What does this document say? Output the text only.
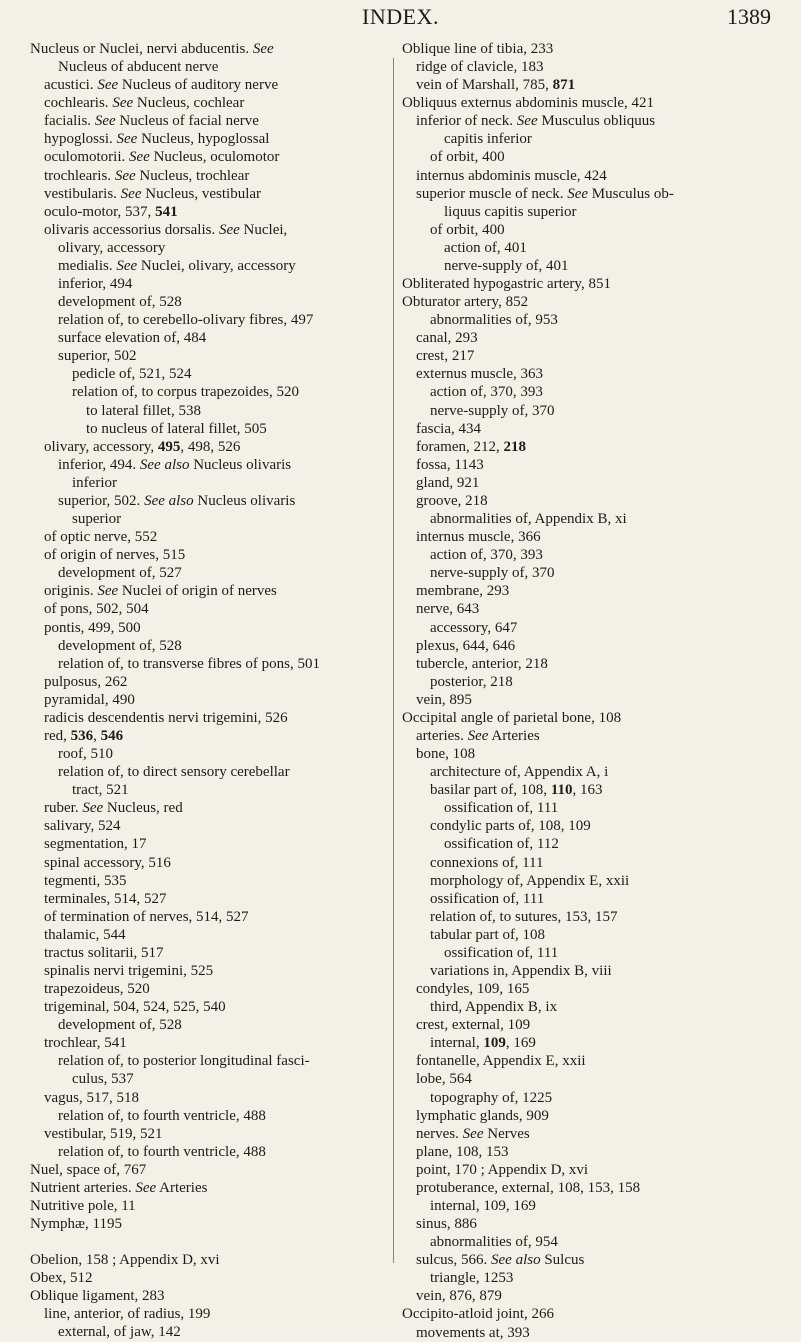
INDEX.	1389
Nucleus or Nuclei, nervi abducentis. See
Nucleus of abducent nerve
acustici. See Nucleus of auditory nerve
cochlearis. See Nucleus, cochlear
facialis. See Nucleus of facial nerve
hypoglossi. See Nucleus, hypoglossal
oculomotorii. See Nucleus, oculomotor
trochlearis. See Nucleus, trochlear
vestibularis. See Nucleus, vestibular
oculo-motor, 537, 541
olivaris accessorius dorsalis. See Nuclei,
olivary, accessory
medialis. See Nuclei, olivary, accessory
inferior, 494
development of, 528
relation of, to cerebello-olivary fibres, 497
surface elevation of, 484
superior, 502
pedicle of, 521, 524
relation of, to corpus trapezoides, 520
to lateral fillet, 538
to nucleus of lateral fillet, 505
olivary, accessory, 495, 498, 526
inferior, 494. See also Nucleus olivaris
inferior
superior, 502. See also Nucleus olivaris
superior
of optic nerve, 552
of origin of nerves, 515
development of, 527
originis. See Nuclei of origin of nerves
of pons, 502, 504
pontis, 499, 500
development of, 528
relation of, to transverse fibres of pons, 501
pulposus, 262
pyramidal, 490
radicis descendentis nervi trigemini, 526
red, 536, 546
roof, 510
relation of, to direct sensory cerebellar
tract, 521
ruber. See Nucleus, red
salivary, 524
segmentation, 17
spinal accessory, 516
tegmenti, 535
terminales, 514, 527
of termination of nerves, 514, 527
thalamic, 544
tractus solitarii, 517
spinalis nervi trigemini, 525
trapezoideus, 520
trigeminal, 504, 524, 525, 540
development of, 528
trochlear, 541
relation of, to posterior longitudinal fasci-
culus, 537
vagus, 517, 518
relation of, to fourth ventricle, 488
vestibular, 519, 521
relation of, to fourth ventricle, 488
Nuel, space of, 767
Nutrient arteries. See Arteries
Nutritive pole, 11
Nymphæ, 1195
Obelion, 158 ; Appendix D, xvi
Obex, 512
Oblique ligament, 283
line, anterior, of radius, 199
external, of jaw, 142
Oblique line of tibia, 233
ridge of clavicle, 183
vein of Marshall, 785, 871
Obliquus externus abdominis muscle, 421
inferior of neck. See Musculus obliquus
capitis inferior
of orbit, 400
internus abdominis muscle, 424
superior muscle of neck. See Musculus ob-
liquus capitis superior
of orbit, 400
action of, 401
nerve-supply of, 401
Obliterated hypogastric artery, 851
Obturator artery, 852
abnormalities of, 953
canal, 293
crest, 217
externus muscle, 363
action of, 370, 393
nerve-supply of, 370
fascia, 434
foramen, 212, 218
fossa, 1143
gland, 921
groove, 218
abnormalities of, Appendix B, xi
internus muscle, 366
action of, 370, 393
nerve-supply of, 370
membrane, 293
nerve, 643
accessory, 647
plexus, 644, 646
tubercle, anterior, 218
posterior, 218
vein, 895
Occipital angle of parietal bone, 108
arteries. See Arteries
bone, 108
architecture of, Appendix A, i
basilar part of, 108, 110, 163
ossification of, 111
condylic parts of, 108, 109
ossification of, 112
connexions of, 111
morphology of, Appendix E, xxii
ossification of, 111
relation of, to sutures, 153, 157
tabular part of, 108
ossification of, 111
variations in, Appendix B, viii
condyles, 109, 165
third, Appendix B, ix
crest, external, 109
internal, 109, 169
fontanelle, Appendix E, xxii
lobe, 564
topography of, 1225
lymphatic glands, 909
nerves. See Nerves
plane, 108, 153
point, 170 ; Appendix D, xvi
protuberance, external, 108, 153, 158
internal, 109, 169
sinus, 886
abnormalities of, 954
sulcus, 566. See also Sulcus
triangle, 1253
vein, 876, 879
Occipito-atloid joint, 266
movements at, 393
